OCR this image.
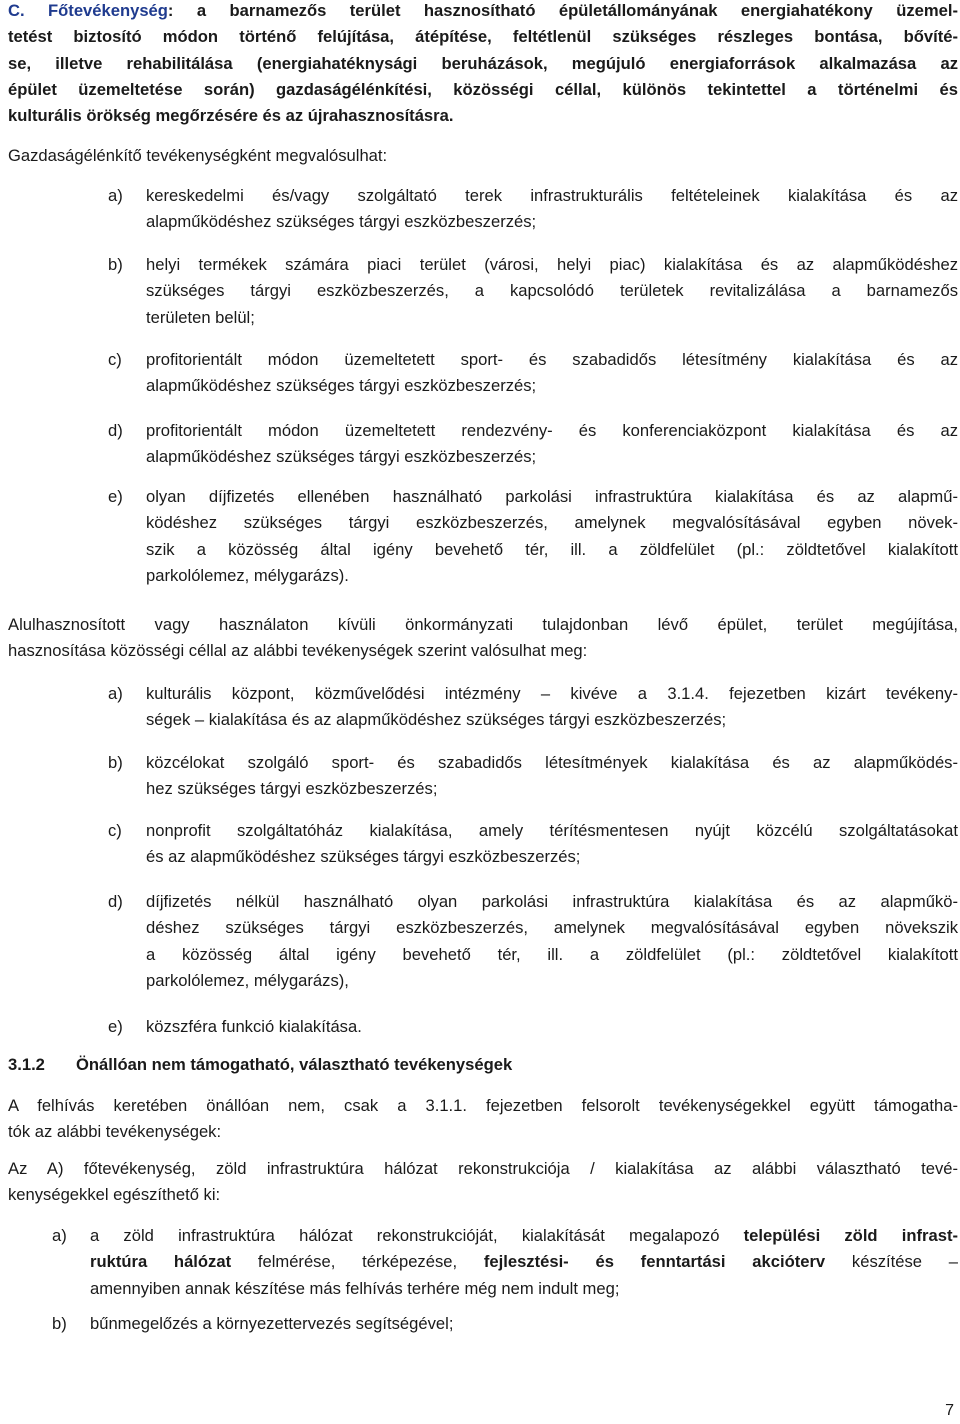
C. Főtevékenység: a barnamezős terület hasznosítható épületállományának energiahatékony üzemel-
tetést biztosító módon történő felújítása, átépítése, feltétlenül szükséges részleges bontása, bővíté-
se, illetve rehabilitálása (energiahatéknysági beruházások, megújuló energiaforrások alkalmazása az
épület üzemeltetése során) gazdaságélénkítési, közösségi céllal, különös tekintettel a történelmi és
kulturális örökség megőrzésére és az újrahasznosításra.
Gazdaságélénkítő tevékenységként megvalósulhat:
a) kereskedelmi és/vagy szolgáltató terek infrastrukturális feltételeinek kialakítása és az
alapműködéshez szükséges tárgyi eszközbeszerzés;
b) helyi termékek számára piaci terület (városi, helyi piac) kialakítása és az alapműködéshez
szükséges tárgyi eszközbeszerzés, a kapcsolódó területek revitalizálása a barnamezős
területen belül;
c) profitorientált módon üzemeltetett sport- és szabadidős létesítmény kialakítása és az
alapműködéshez szükséges tárgyi eszközbeszerzés;
d) profitorientált módon üzemeltetett rendezvény- és konferenciaközpont kialakítása és az
alapműködéshez szükséges tárgyi eszközbeszerzés;
e) olyan díjfizetés ellenében használható parkolási infrastruktúra kialakítása és az alapmű-
ködéshez szükséges tárgyi eszközbeszerzés, amelynek megvalósításával egyben növek-
szik a közösség által igény bevehető tér, ill. a zöldfelület (pl.: zöldtetővel kialakított
parkolólemez, mélygarázs).
Alulhasznosított vagy használaton kívüli önkormányzati tulajdonban lévő épület, terület megújítása,
hasznosítása közösségi céllal az alábbi tevékenységek szerint valósulhat meg:
a) kulturális központ, közművelődési intézmény – kivéve a 3.1.4. fejezetben kizárt tevékeny-
ségek – kialakítása és az alapműködéshez szükséges tárgyi eszközbeszerzés;
b) közcélokat szolgáló sport- és szabadidős létesítmények kialakítása és az alapműködés-
hez szükséges tárgyi eszközbeszerzés;
c) nonprofit szolgáltatóház kialakítása, amely térítésmentesen nyújt közcélú szolgáltatásokat
és az alapműködéshez szükséges tárgyi eszközbeszerzés;
d) díjfizetés nélkül használható olyan parkolási infrastruktúra kialakítása és az alapműkö-
déshez szükséges tárgyi eszközbeszerzés, amelynek megvalósításával egyben növekszik
a közösség által igény bevehető tér, ill. a zöldfelület (pl.: zöldtetővel kialakított
parkolólemez, mélygarázs),
e) közszféra funkció kialakítása.
3.1.2 Önállóan nem támogatható, választható tevékenységek
A felhívás keretében önállóan nem, csak a 3.1.1. fejezetben felsorolt tevékenységekkel együtt támogatha-
tók az alábbi tevékenységek:
Az A) főtevékenység, zöld infrastruktúra hálózat rekonstrukciója / kialakítása az alábbi választható tevé-
kenységekkel egészíthető ki:
a) a zöld infrastruktúra hálózat rekonstrukcióját, kialakítását megalapozó települési zöld infrast-
ruktúra hálózat felmérése, térképezése, fejlesztési- és fenntartási akcióterv készítése –
amennyiben annak készítése más felhívás terhére még nem indult meg;
b) bűnmegelőzés a környezettervezés segítségével;
7
